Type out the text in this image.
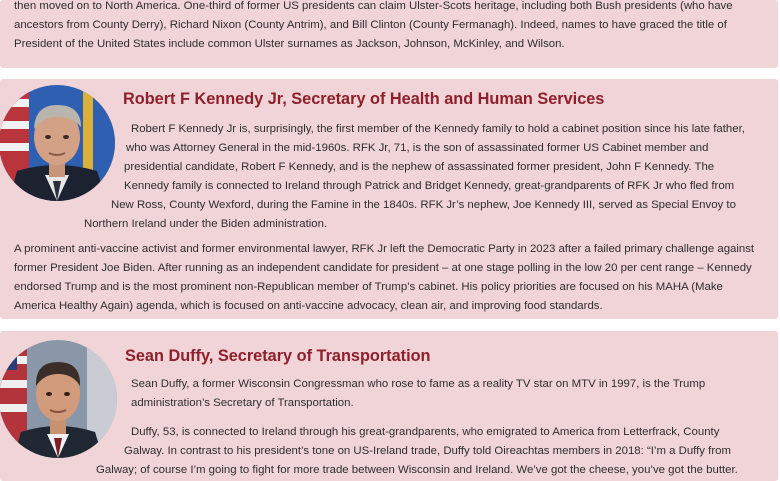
then moved on to North America. One-third of former US presidents can claim Ulster-Scots heritage, including both Bush presidents (who have

ancestors from County Derry), Richard Nixon (County Antrim), and Bill Clinton (County Fermanagh). Indeed, names to have graced the title of

President of the United States include common Ulster surnames as Jackson, Johnson, McKinley, and Wilson.

Robert F Kennedy Jr, Secretary of Health and Human Services

Robert F Kennedy Jr is, surprisingly, the first member of the Kennedy family to hold a cabinet position since his late father,

who was Attorney General in the mid-1960s. RFK Jr, 71, is the son of assassinated former US Cabinet member and

presidential candidate, Robert F Kennedy, and is the nephew of assassinated former president, John F Kennedy. The

Kennedy family is connected to Ireland through Patrick and Bridget Kennedy, great-grandparents of RFK Jr who fled from

New Ross, County Wexford, during the Famine in the 1840s. RFK Jr’s nephew, Joe Kennedy III, served as Special Envoy to

Northern Ireland under the Biden administration.

A prominent anti-vaccine activist and former environmental lawyer, RFK Jr left the Democratic Party in 2023 after a failed primary challenge against

former President Joe Biden. After running as an independent candidate for president – at one stage polling in the low 20 per cent range – Kennedy

endorsed Trump and is the most prominent non-Republican member of Trump’s cabinet. His policy priorities are focused on his MAHA (Make

America Healthy Again) agenda, which is focused on anti-vaccine advocacy, clean air, and improving food standards.

Sean Duffy, Secretary of Transportation

Sean Duffy, a former Wisconsin Congressman who rose to fame as a reality TV star on MTV in 1997, is the Trump

administration’s Secretary of Transportation.

Duffy, 53, is connected to Ireland through his great-grandparents, who emigrated to America from Letterfrack, County

Galway. In contrast to his president’s tone on US-Ireland trade, Duffy told Oireachtas members in 2018: “I’m a Duffy from

Galway; of course I’m going to fight for more trade between Wisconsin and Ireland. We’ve got the cheese, you’ve got the butter.
